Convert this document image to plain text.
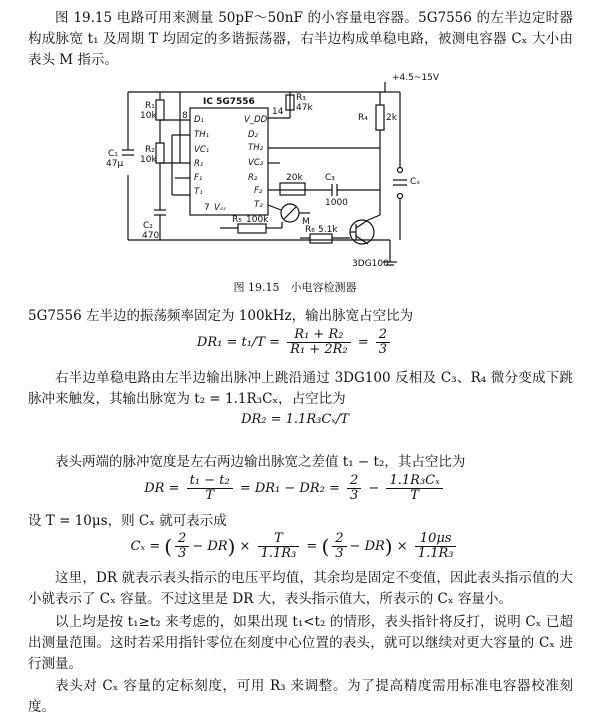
图 19.15 电路可用来测量 50pF～50nF 的小容量电容器。5G7556 的左半边定时器构成脉宽 t₁ 及周期 T 均固定的多谐振荡器，右半边构成单稳电路，被测电容器 Cₓ 大小由表头 M 指示。
R₁
10k
R₂
10k
C₁
47μ
C₂
470
R₃
47k
R₄ 2k
20k C₃
1000
Cₓ
M
R₅ 100k
R₆ 5.1k
IC 5G7556
+4.5~15V
3DG100
8	14
7
D₁
TH₁
VC₁
R₁
F₁
T₁
Vₛₛ
V_DD
TH₂
D₂
VC₂
R₂
F₂
T₂
图 19.15　小电容检测器
5G7556 左半边的振荡频率固定为 100kHz，输出脉宽占空比为
$DR_1 = t_1/T = \frac{\text{R₁ + R₂}}{\text{R₁ + 2R₂}} = \frac{2}{3}$
右半边单稳电路由左半边输出脉冲上跳沿通过 3DG100 反相及 C₃、R₄ 微分变成下跳脉冲来触发，其输出脉宽为 t₂ = 1.1R₃Cₓ，占空比为
DR₂ = 1.1R₃Cₓ/T
表头两端的脉冲宽度是左右两边输出脉宽之差值 t₁ − t₂，其占空比为
DR = $\frac{\text{t₁ − t₂}}{T} = DR_1 - DR_2 = \frac{2}{3} - \frac{\text{1.1R₃Cₓ}}{T}$
设 T = 10μs，则 Cₓ 就可表示成
Cₓ = ( $\frac{2}{3} - DR) \times \frac{T}{\text{1.1R₃}}$ = ( $\frac{2}{3} - DR) \times \frac{10\mu s}{\text{1.1R₃}}$
这里，DR 就表示表头指示的电压平均值，其余均是固定不变值，因此表头指示值的大小就表示了 Cₓ 容量。不过这里是 DR 大，表头指示值大，所表示的 Cₓ 容量小。
以上均是按 t₁≥t₂ 来考虑的，如果出现 t₁<t₂ 的情形，表头指针将反打，说明 Cₓ 已超出测量范围。这时若采用指针零位在刻度中心位置的表头，就可以继续对更大容量的 Cₓ 进行测量。
表头对 Cₓ 容量的定标刻度，可用 R₃ 来调整。为了提高精度需用标准电容器校准刻度。
